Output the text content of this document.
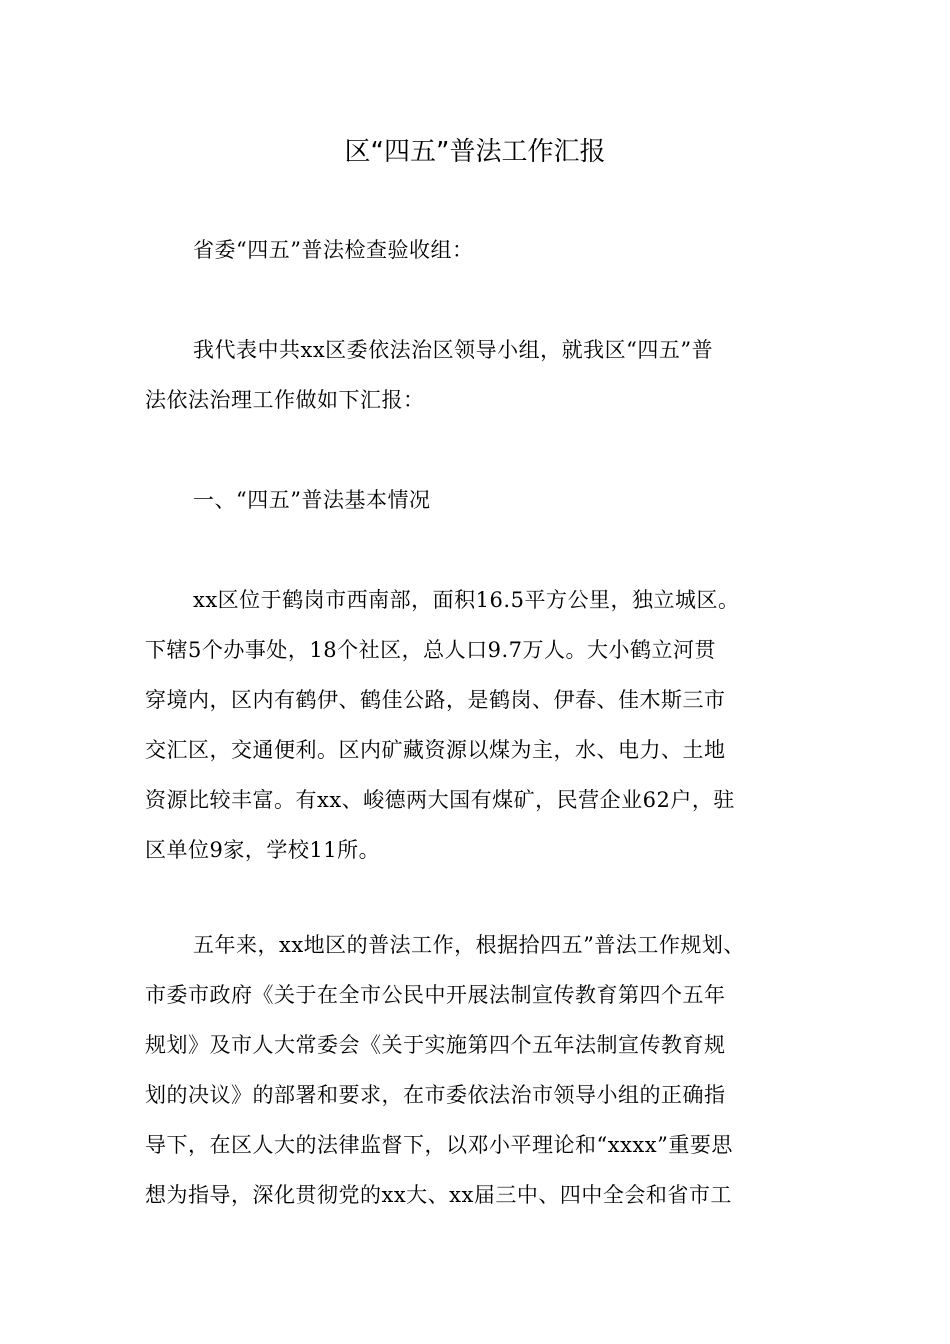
区“四五”普法工作汇报
省委“四五”普法检查验收组：
我代表中共xx区委依法治区领导小组，就我区“四五”普
法依法治理工作做如下汇报：
一、“四五”普法基本情况
xx区位于鹤岗市西南部，面积16.5平方公里，独立城区。
下辖5个办事处，18个社区，总人口9.7万人。大小鹤立河贯
穿境内，区内有鹤伊、鹤佳公路，是鹤岗、伊春、佳木斯三市
交汇区，交通便利。区内矿藏资源以煤为主，水、电力、土地
资源比较丰富。有xx、峻德两大国有煤矿，民营企业62户，驻
区单位9家，学校11所。
五年来，xx地区的普法工作，根据拾四五”普法工作规划、
市委市政府《关于在全市公民中开展法制宣传教育第四个五年
规划》及市人大常委会《关于实施第四个五年法制宣传教育规
划的决议》的部署和要求，在市委依法治市领导小组的正确指
导下，在区人大的法律监督下，以邓小平理论和“xxxx”重要思
想为指导，深化贯彻党的xx大、xx届三中、四中全会和省市工
